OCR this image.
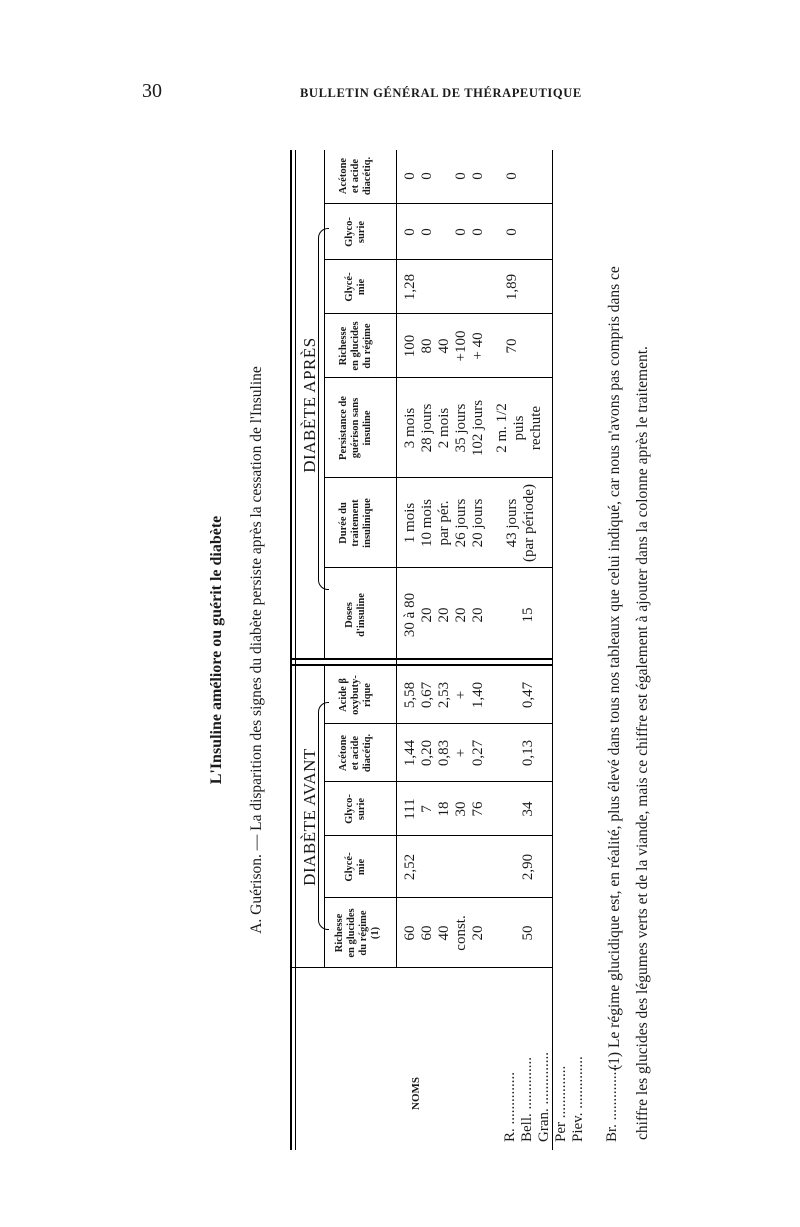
30	BULLETIN GÉNÉRAL DE THÉRAPEUTIQUE
L'Insuline améliore ou guérit le diabète A. Guérison. — La disparition des signes du diabète persiste après la cessation de l'Insuline DIABÈTE AVANT
DIABÈTE APRÈS
NOMS
Richesse en glucides du régime (1)
Glycé- mie
Glyco- surie
Acétone et acide diacétiq.
Acide β oxybuty- rique
Doses d'insuline
Durée du traitement insulinique
Persistance de guérison sans insuline
Richesse en glucides du régime
Glycé- mie
Glyco- surie
Acétone et acide diacétiq.
R. .............. Bell. .............. Gran. .............. Per .............. Piev. .............. Br. ...............
60 60 40 const. 20
2,52
111 7 18 30 76
1,44 0,20 0,83 + 0,27
5,58 0,67 2,53 + 1,40
30 à 80 20 20 20 20
1 mois 10 mois par pér. 26 jours 20 jours
3 mois 28 jours 2 mois 35 jours 102 jours
100 80 40 +100 + 40
1,28
0 0 0 0
0 0 0 0
50
2,90
34
0,13
0,47
15
43 jours (par période)
2 m. 1/2 puis rechute
70
1,89
0
0
(1) Le régime glucidique est, en réalité, plus élevé dans tous nos tableaux que celui indiqué, car nous n'avons pas compris dans ce chiffre les glucides des légumes verts et de la viande, mais ce chiffre est également à ajouter dans la colonne après le traitement.
